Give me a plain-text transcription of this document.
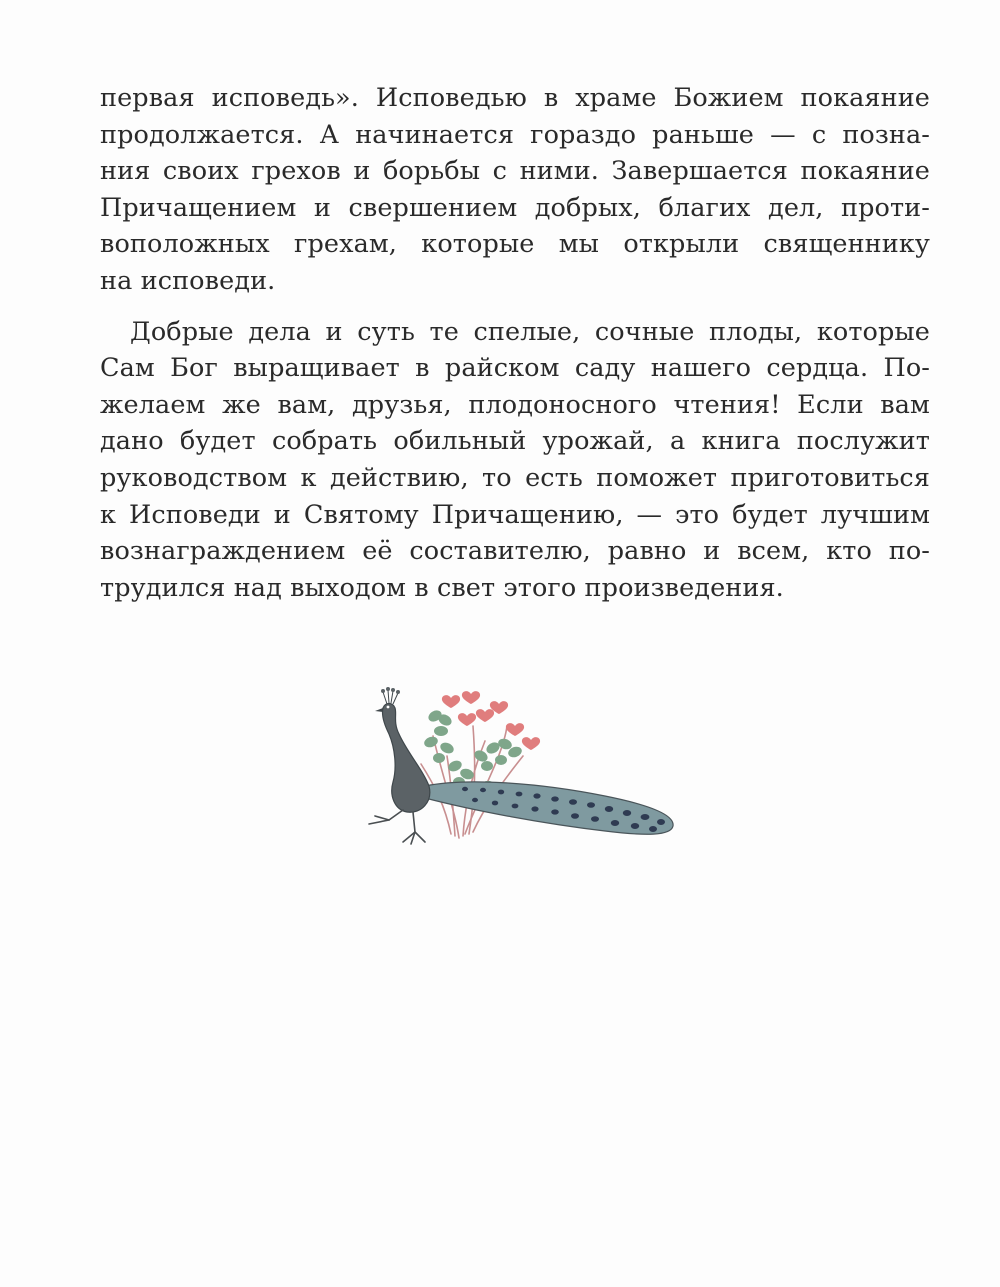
первая исповедь». Исповедью в храме Божием покаяние
продолжается. А начинается гораздо раньше — с позна-
ния своих грехов и борьбы с ними. Завершается покаяние
Причащением и свершением добрых, благих дел, проти-
воположных грехам, которые мы открыли священнику
на исповеди.
Добрые дела и суть те спелые, сочные плоды, которые
Сам Бог выращивает в райском саду нашего сердца. По-
желаем же вам, друзья, плодоносного чтения! Если вам
дано будет собрать обильный урожай, а книга послужит
руководством к действию, то есть поможет приготовиться
к Исповеди и Святому Причащению, — это будет лучшим
вознаграждением её составителю, равно и всем, кто по-
трудился над выходом в свет этого произведения.
